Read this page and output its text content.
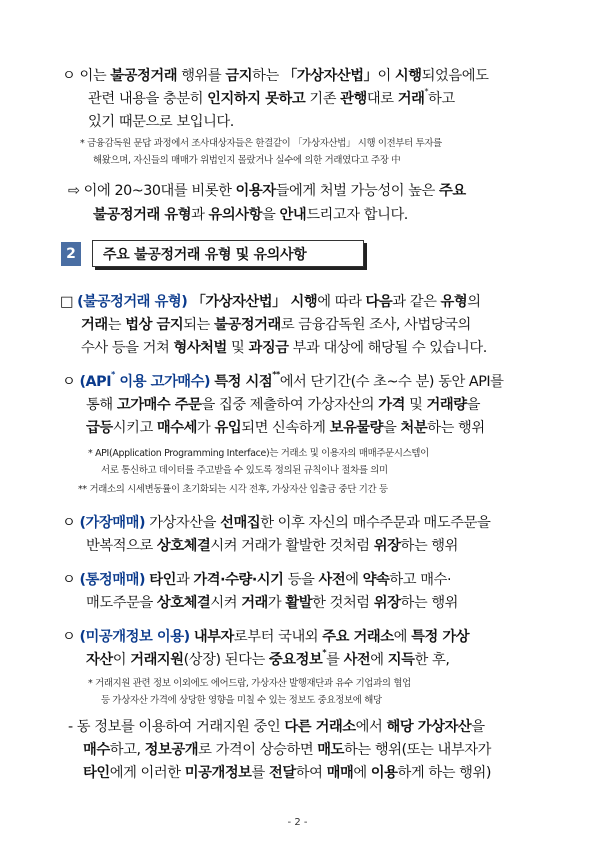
ㅇ 이는 불공정거래 행위를 금지하는 「가상자산법」이 시행되었음에도
관련 내용을 충분히 인지하지 못하고 기존 관행대로 거래*하고
있기 때문으로 보입니다.
* 금융감독원 문답 과정에서 조사대상자들은 한결같이 「가상자산법」 시행 이전부터 투자를
해왔으며, 자신들의 매매가 위법인지 몰랐거나 실수에 의한 거래였다고 주장 中
⇨ 이에 20~30대를 비롯한 이용자들에게 처벌 가능성이 높은 주요
불공정거래 유형과 유의사항을 안내드리고자 합니다.
2	주요 불공정거래 유형 및 유의사항
□ (불공정거래 유형) 「가상자산법」 시행에 따라 다음과 같은 유형의
거래는 법상 금지되는 불공정거래로 금융감독원 조사, 사법당국의
수사 등을 거쳐 형사처벌 및 과징금 부과 대상에 해당될 수 있습니다.
ㅇ (API* 이용 고가매수) 특정 시점**에서 단기간(수 초~수 분) 동안 API를
통해 고가매수 주문을 집중 제출하여 가상자산의 가격 및 거래량을
급등시키고 매수세가 유입되면 신속하게 보유물량을 처분하는 행위
* API(Application Programming Interface)는 거래소 및 이용자의 매매주문시스템이
서로 통신하고 데이터를 주고받을 수 있도록 정의된 규칙이나 절차를 의미
** 거래소의 시세변동률이 초기화되는 시각 전후, 가상자산 입출금 중단 기간 등
ㅇ (가장매매) 가상자산을 선매집한 이후 자신의 매수주문과 매도주문을
반복적으로 상호체결시켜 거래가 활발한 것처럼 위장하는 행위
ㅇ (통정매매) 타인과 가격·수량·시기 등을 사전에 약속하고 매수·
매도주문을 상호체결시켜 거래가 활발한 것처럼 위장하는 행위
ㅇ (미공개정보 이용) 내부자로부터 국내외 주요 거래소에 특정 가상
자산이 거래지원(상장) 된다는 중요정보*를 사전에 지득한 후,
* 거래지원 관련 정보 이외에도 에어드랍, 가상자산 발행재단과 유수 기업과의 협업
등 가상자산 가격에 상당한 영향을 미칠 수 있는 정보도 중요정보에 해당
- 동 정보를 이용하여 거래지원 중인 다른 거래소에서 해당 가상자산을
매수하고, 정보공개로 가격이 상승하면 매도하는 행위(또는 내부자가
타인에게 이러한 미공개정보를 전달하여 매매에 이용하게 하는 행위)
- 2 -
